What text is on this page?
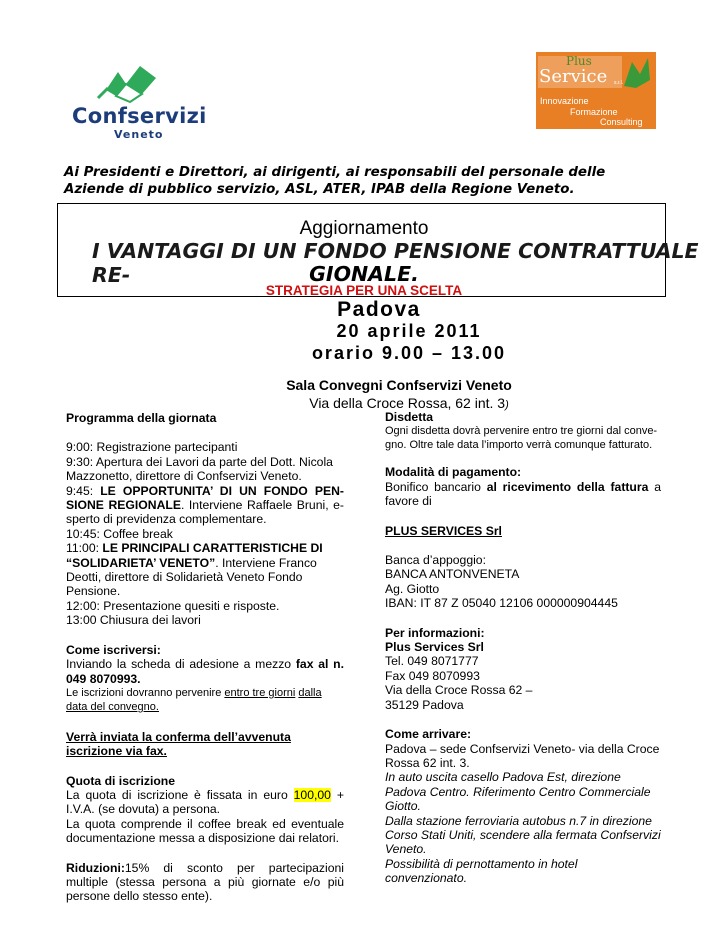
Confservizi
Veneto
Plus
Service s.r.l.
Innovazione
Formazione
Consulting
Ai Presidenti e Direttori, ai dirigenti, ai responsabili del personale delle Aziende di pubblico servizio, ASL, ATER, IPAB della Regione Veneto.
Aggiornamento
I VANTAGGI DI UN FONDO PENSIONE CONTRATTUALE RE-	GIONALE.
STRATEGIA PER UNA SCELTA
Padova
20 aprile 2011
orario 9.00 – 13.00
Sala Convegni Confservizi Veneto
Via della Croce Rossa, 62 int. 3)

Programma della giornata

9:00: Registrazione partecipanti

9:30: Apertura dei Lavori da parte del Dott. Nicola Mazzonetto, direttore di Confservizi Veneto.

9:45: LE OPPORTUNITA’ DI UN FONDO PEN-SIONE REGIONALE. Interviene Raffaele Bruni, e-sperto di previdenza complementare.

10:45: Coffee break

11:00: LE PRINCIPALI CARATTERISTICHE DI “SOLIDARIETA’ VENETO”. Interviene Franco Deotti, direttore di Solidarietà Veneto Fondo Pensione.

12:00: Presentazione quesiti e risposte.

13:00 Chiusura dei lavori

Come iscriversi:

Inviando la scheda di adesione a mezzo fax al n. 049 8070993.

Le iscrizioni dovranno pervenire entro tre giorni dalla data del convegno.

Verrà inviata la conferma dell’avvenuta iscrizione via fax.

Quota di iscrizione

La quota di iscrizione è fissata in euro 100,00 + I.V.A. (se dovuta) a persona.

La quota comprende il coffee break ed eventuale documentazione messa a disposizione dai relatori.

Riduzioni:15% di sconto per partecipazioni multiple (stessa persona a più giornate e/o più persone dello stesso ente).

Disdetta

Ogni disdetta dovrà pervenire entro tre giorni dal conve-gno. Oltre tale data l’importo verrà comunque fatturato.

Modalità di pagamento:

Bonifico bancario al ricevimento della fattura a favore di

PLUS SERVICES Srl

Banca d’appoggio:

BANCA ANTONVENETA

Ag. Giotto

IBAN: IT 87 Z 05040 12106 000000904445

Per informazioni:

Plus Services Srl

Tel. 049 8071777

Fax 049 8070993

Via della Croce Rossa 62 –

35129 Padova

Come arrivare:

Padova – sede Confservizi Veneto- via della Croce Rossa 62 int. 3.

In auto uscita casello Padova Est, direzione Padova Centro. Riferimento Centro Commerciale Giotto.

Dalla stazione ferroviaria autobus n.7 in direzione Corso Stati Uniti, scendere alla fermata Confservizi Veneto.

Possibilità di pernottamento in hotel convenzionato.
